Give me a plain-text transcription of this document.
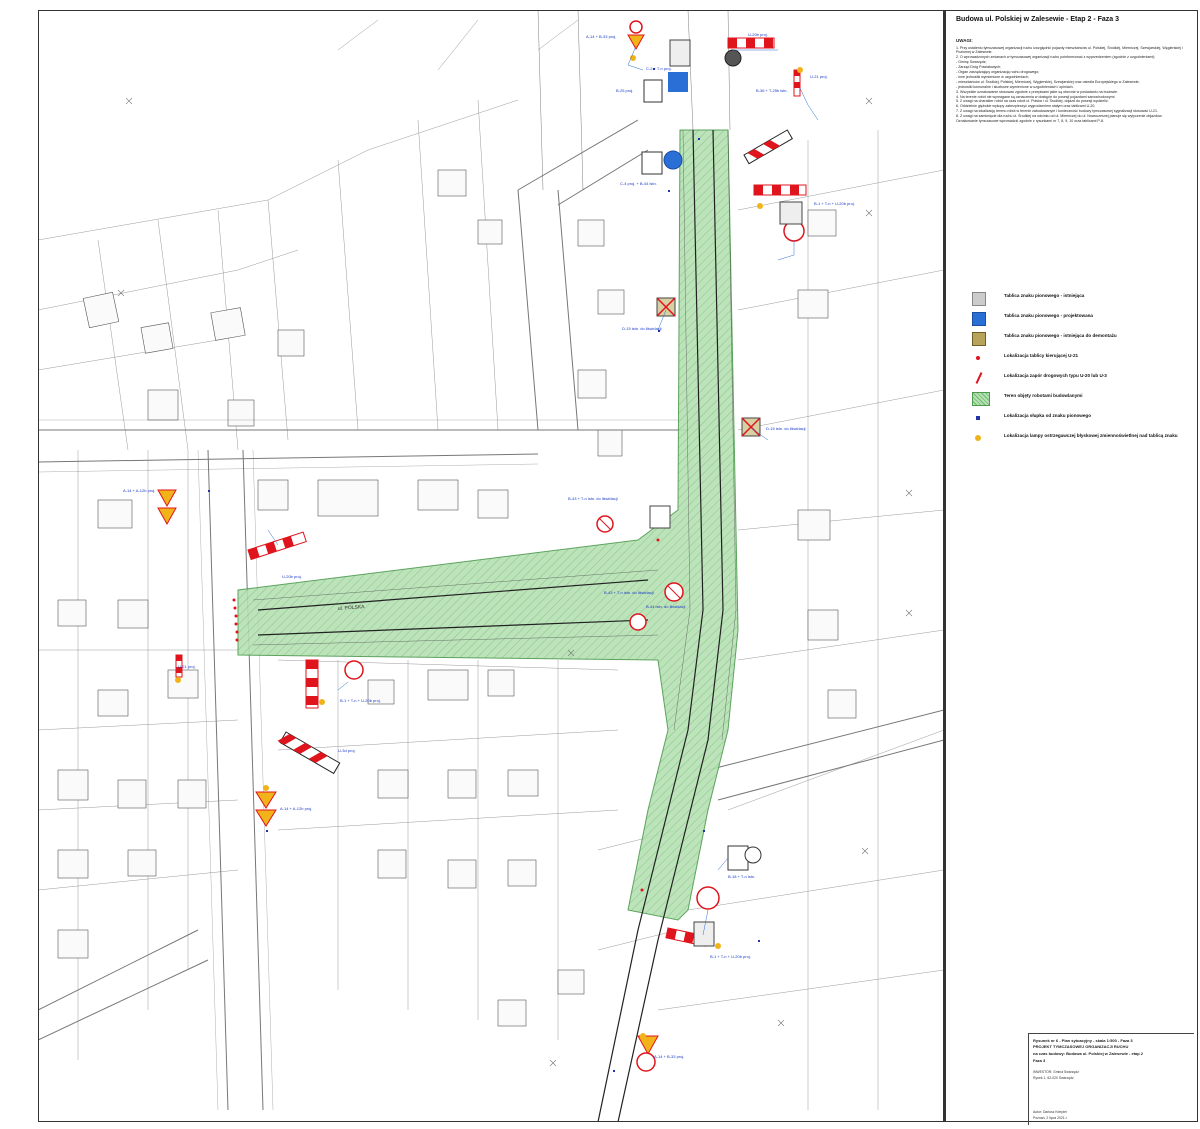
ul. POLSKA
A-14 + B-33 proj.	U-20b proj.
C-2 + T-n proj.
B-25 proj.	B-36 + T-25b istn.
U-21 proj.
C-4 proj. + B-44 istn.
B-1 + T-n + U-20b proj.
D-15 istn. do likwidacji
D-15 istn. do likwidacji
B-43 + T-n istn. do likwidacji
B-43 + T-n istn. do likwidacji
B-44 istn. do likwidacji
A-14 + A-12b proj.
U-20b proj.
U-21 proj.
B-1 + T-n + U-20b proj.
U-3d proj.
A-14 + A-12b proj.
B-18 + T-n istn.
B-1 + T-n + U-20b proj.
A-14 + B-33 proj.
Budowa ul. Polskiej w Zalesewie - Etap 2 - Faza 3
UWAGI:
1. Przy ustaleniu tymczasowej organizacji ruchu uwzględnić pojazdy mieszkańców ul. Polskiej, Środkiej, Mierniczej, Szewjarskiej, Węgierskiej i Poziomej w Zalesewie.
2. O wprowadzonych zmianach w tymczasowej organizacji ruchu poinformować z wyprzedzeniem (zgodnie z uzgodnieniami):
- Gminę Swarzędz;
- Zarząd Dróg Powiatowych;
- Organ zarządzający organizacją ruchu drogowego;
- inne jednostki wymienione w uzgodnieniach;
- mieszkańców ul. Środkiej, Polskiej, Mierniczej, Węgierskiej, Szewjarskiej oraz osiedla Europejskiego w Zalesewie;
- jednostki komunalne i słuzbowe wymienione w uzgodnieniach i opiniach.
3. Wszystkie oznakowanie stosować zgodnie z przepisami jakie są obecnie w posiadaniu na budowie.
4. Na terenie robót nie wymagane są oznaczenia w dostępie do posesji pojazdami samochodowymi.
5. Z uwagi na charakter robót na czas robót ul. Polska i ul. Środkiej, dojazd do posesji wydzielić.
6. Oddzielnie głębokie wykopy zabezpieczyć wygrodzeniem stałym oraz tablicami U-20.
7. Z uwagi na lokalizację terenu robót w terenie zabudowanym i konieczność budowy tymczasowej sygnalizacji stosować U-21.
8. Z uwagi na zamknięcie dla ruchu ul. Środkiej na odcinku od ul. Mierniczej do ul. Nowoczesnej planuje się wytyczenie objazdów.
Oznakowanie tymczasowe wprowadzić zgodnie z rysunkami nr 7, 8, 9, 10 oraz tablicami P-8.
Tablica znaku pionowego - istniejąca
Tablica znaku pionowego - projektowana
Tablica znaku pionowego - istniejąca do demontażu
Lokalizacja tablicy kierującej U-21
Lokalizacja zapór drogowych typu U-20 lub U-3
Teren objęty robotami budowlanymi
Lokalizacja słupka od znaku pionowego
Lokalizacja lampy ostrzegawczej błyskowej zmiennoświetlnej nad tablicą znaku
Rysunek nr 6 - Plan sytuacyjny - skala 1:500 - Faza 3
PROJEKT TYMCZASOWEJ ORGANIZACJI RUCHU
na czas budowy: Budowa ul. Polskiej w Zalesewie - etap 2
Faza 3
INWESTOR: Gmina Swarzędz
Rynek 1, 62-020 Swarzędz
Autor: Dariusz Kierpiel
Poznań, 2 lipca 2021 r.
